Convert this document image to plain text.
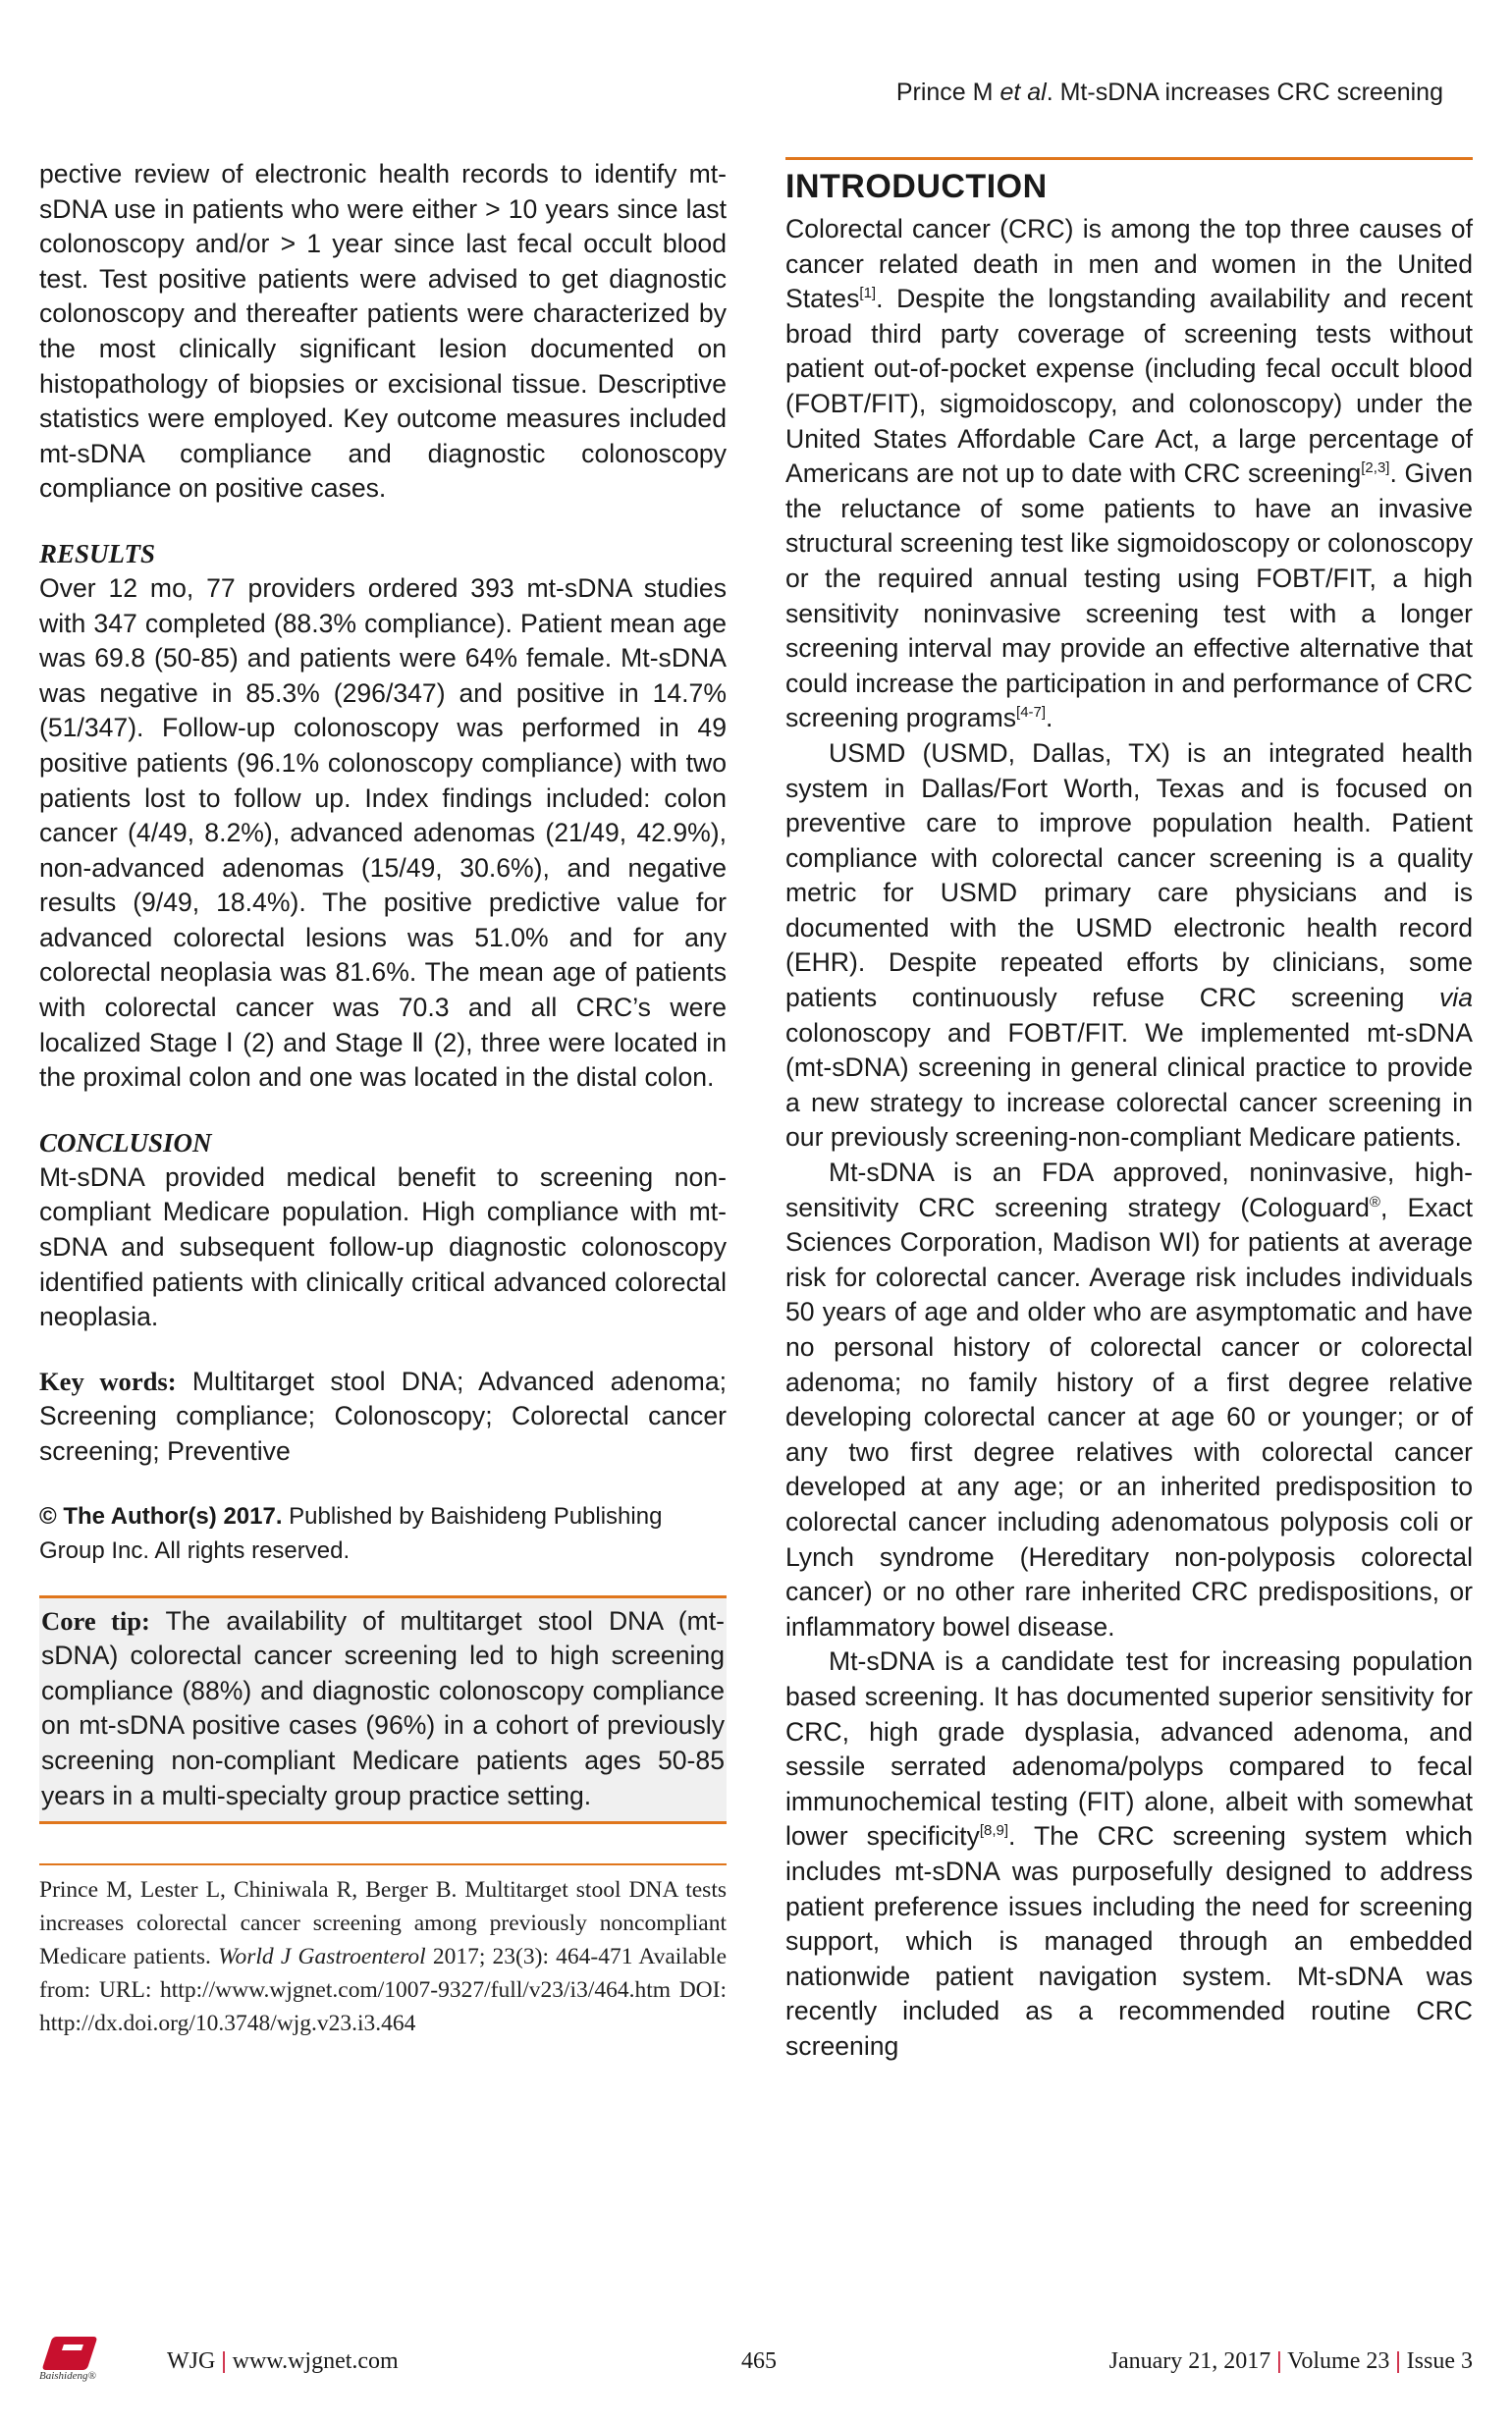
Prince M et al. Mt-sDNA increases CRC screening

pective review of electronic health records to identify mt-sDNA use in patients who were either > 10 years since last colonoscopy and/or > 1 year since last fecal occult blood test. Test positive patients were advised to get diagnostic colonoscopy and thereafter patients were characterized by the most clinically significant lesion documented on histopathology of biopsies or excisional tissue. Descriptive statistics were employed. Key outcome measures included mt-sDNA compliance and diagnostic colonoscopy compliance on positive cases.

RESULTS

Over 12 mo, 77 providers ordered 393 mt-sDNA studies with 347 completed (88.3% compliance). Patient mean age was 69.8 (50-85) and patients were 64% female. Mt-sDNA was negative in 85.3% (296/347) and positive in 14.7% (51/347). Follow-up colonoscopy was performed in 49 positive patients (96.1% colonoscopy compliance) with two patients lost to follow up. Index findings included: colon cancer (4/49, 8.2%), advanced adenomas (21/49, 42.9%), non-advanced adenomas (15/49, 30.6%), and negative results (9/49, 18.4%). The positive predictive value for advanced colorectal lesions was 51.0% and for any colorectal neoplasia was 81.6%. The mean age of patients with colorectal cancer was 70.3 and all CRC’s were localized Stage Ⅰ (2) and Stage Ⅱ (2), three were located in the proximal colon and one was located in the distal colon.

CONCLUSION

Mt-sDNA provided medical benefit to screening non-compliant Medicare population. High compliance with mt-sDNA and subsequent follow-up diagnostic colonoscopy identified patients with clinically critical advanced colorectal neoplasia.

Key words: Multitarget stool DNA; Advanced adenoma; Screening compliance; Colonoscopy; Colorectal cancer screening; Preventive

© The Author(s) 2017. Published by Baishideng Publishing Group Inc. All rights reserved.

Core tip: The availability of multitarget stool DNA (mt-sDNA) colorectal cancer screening led to high screening compliance (88%) and diagnostic colonoscopy compliance on mt-sDNA positive cases (96%) in a cohort of previously screening non-compliant Medicare patients ages 50-85 years in a multi-specialty group practice setting.

Prince M, Lester L, Chiniwala R, Berger B. Multitarget stool DNA tests increases colorectal cancer screening among previously noncompliant Medicare patients. World J Gastroenterol 2017; 23(3): 464-471 Available from: URL: http://www.wjgnet.com/1007-9327/full/v23/i3/464.htm DOI: http://dx.doi.org/10.3748/wjg.v23.i3.464
INTRODUCTION

Colorectal cancer (CRC) is among the top three causes of cancer related death in men and women in the United States[1]. Despite the longstanding availability and recent broad third party coverage of screening tests without patient out-of-pocket expense (including fecal occult blood (FOBT/FIT), sigmoidoscopy, and colonoscopy) under the United States Affordable Care Act, a large percentage of Americans are not up to date with CRC screening[2,3]. Given the reluctance of some patients to have an invasive structural screening test like sigmoidoscopy or colonoscopy or the required annual testing using FOBT/FIT, a high sensitivity noninvasive screening test with a longer screening interval may provide an effective alternative that could increase the participation in and performance of CRC screening programs[4-7].

USMD (USMD, Dallas, TX) is an integrated health system in Dallas/Fort Worth, Texas and is focused on preventive care to improve population health. Patient compliance with colorectal cancer screening is a quality metric for USMD primary care physicians and is documented with the USMD electronic health record (EHR). Despite repeated efforts by clinicians, some patients continuously refuse CRC screening via colonoscopy and FOBT/FIT. We implemented mt-sDNA (mt-sDNA) screening in general clinical practice to provide a new strategy to increase colorectal cancer screening in our previously screening-non-compliant Medicare patients.

Mt-sDNA is an FDA approved, noninvasive, high-sensitivity CRC screening strategy (Cologuard®, Exact Sciences Corporation, Madison WI) for patients at average risk for colorectal cancer. Average risk includes individuals 50 years of age and older who are asymptomatic and have no personal history of colorectal cancer or colorectal adenoma; no family history of a first degree relative developing colorectal cancer at age 60 or younger; or of any two first degree relatives with colorectal cancer developed at any age; or an inherited predisposition to colorectal cancer including adenomatous polyposis coli or Lynch syndrome (Hereditary non-polyposis colorectal cancer) or no other rare inherited CRC predispositions, or inflammatory bowel disease.

Mt-sDNA is a candidate test for increasing population based screening. It has documented superior sensitivity for CRC, high grade dysplasia, advanced adenoma, and sessile serrated adenoma/polyps compared to fecal immunochemical testing (FIT) alone, albeit with somewhat lower specificity[8,9]. The CRC screening system which includes mt-sDNA was purposefully designed to address patient preference issues including the need for screening support, which is managed through an embedded nationwide patient navigation system. Mt-sDNA was recently included as a recommended routine CRC screening

Baishideng®
WJG | www.wjgnet.com	465	January 21, 2017 | Volume 23 | Issue 3
